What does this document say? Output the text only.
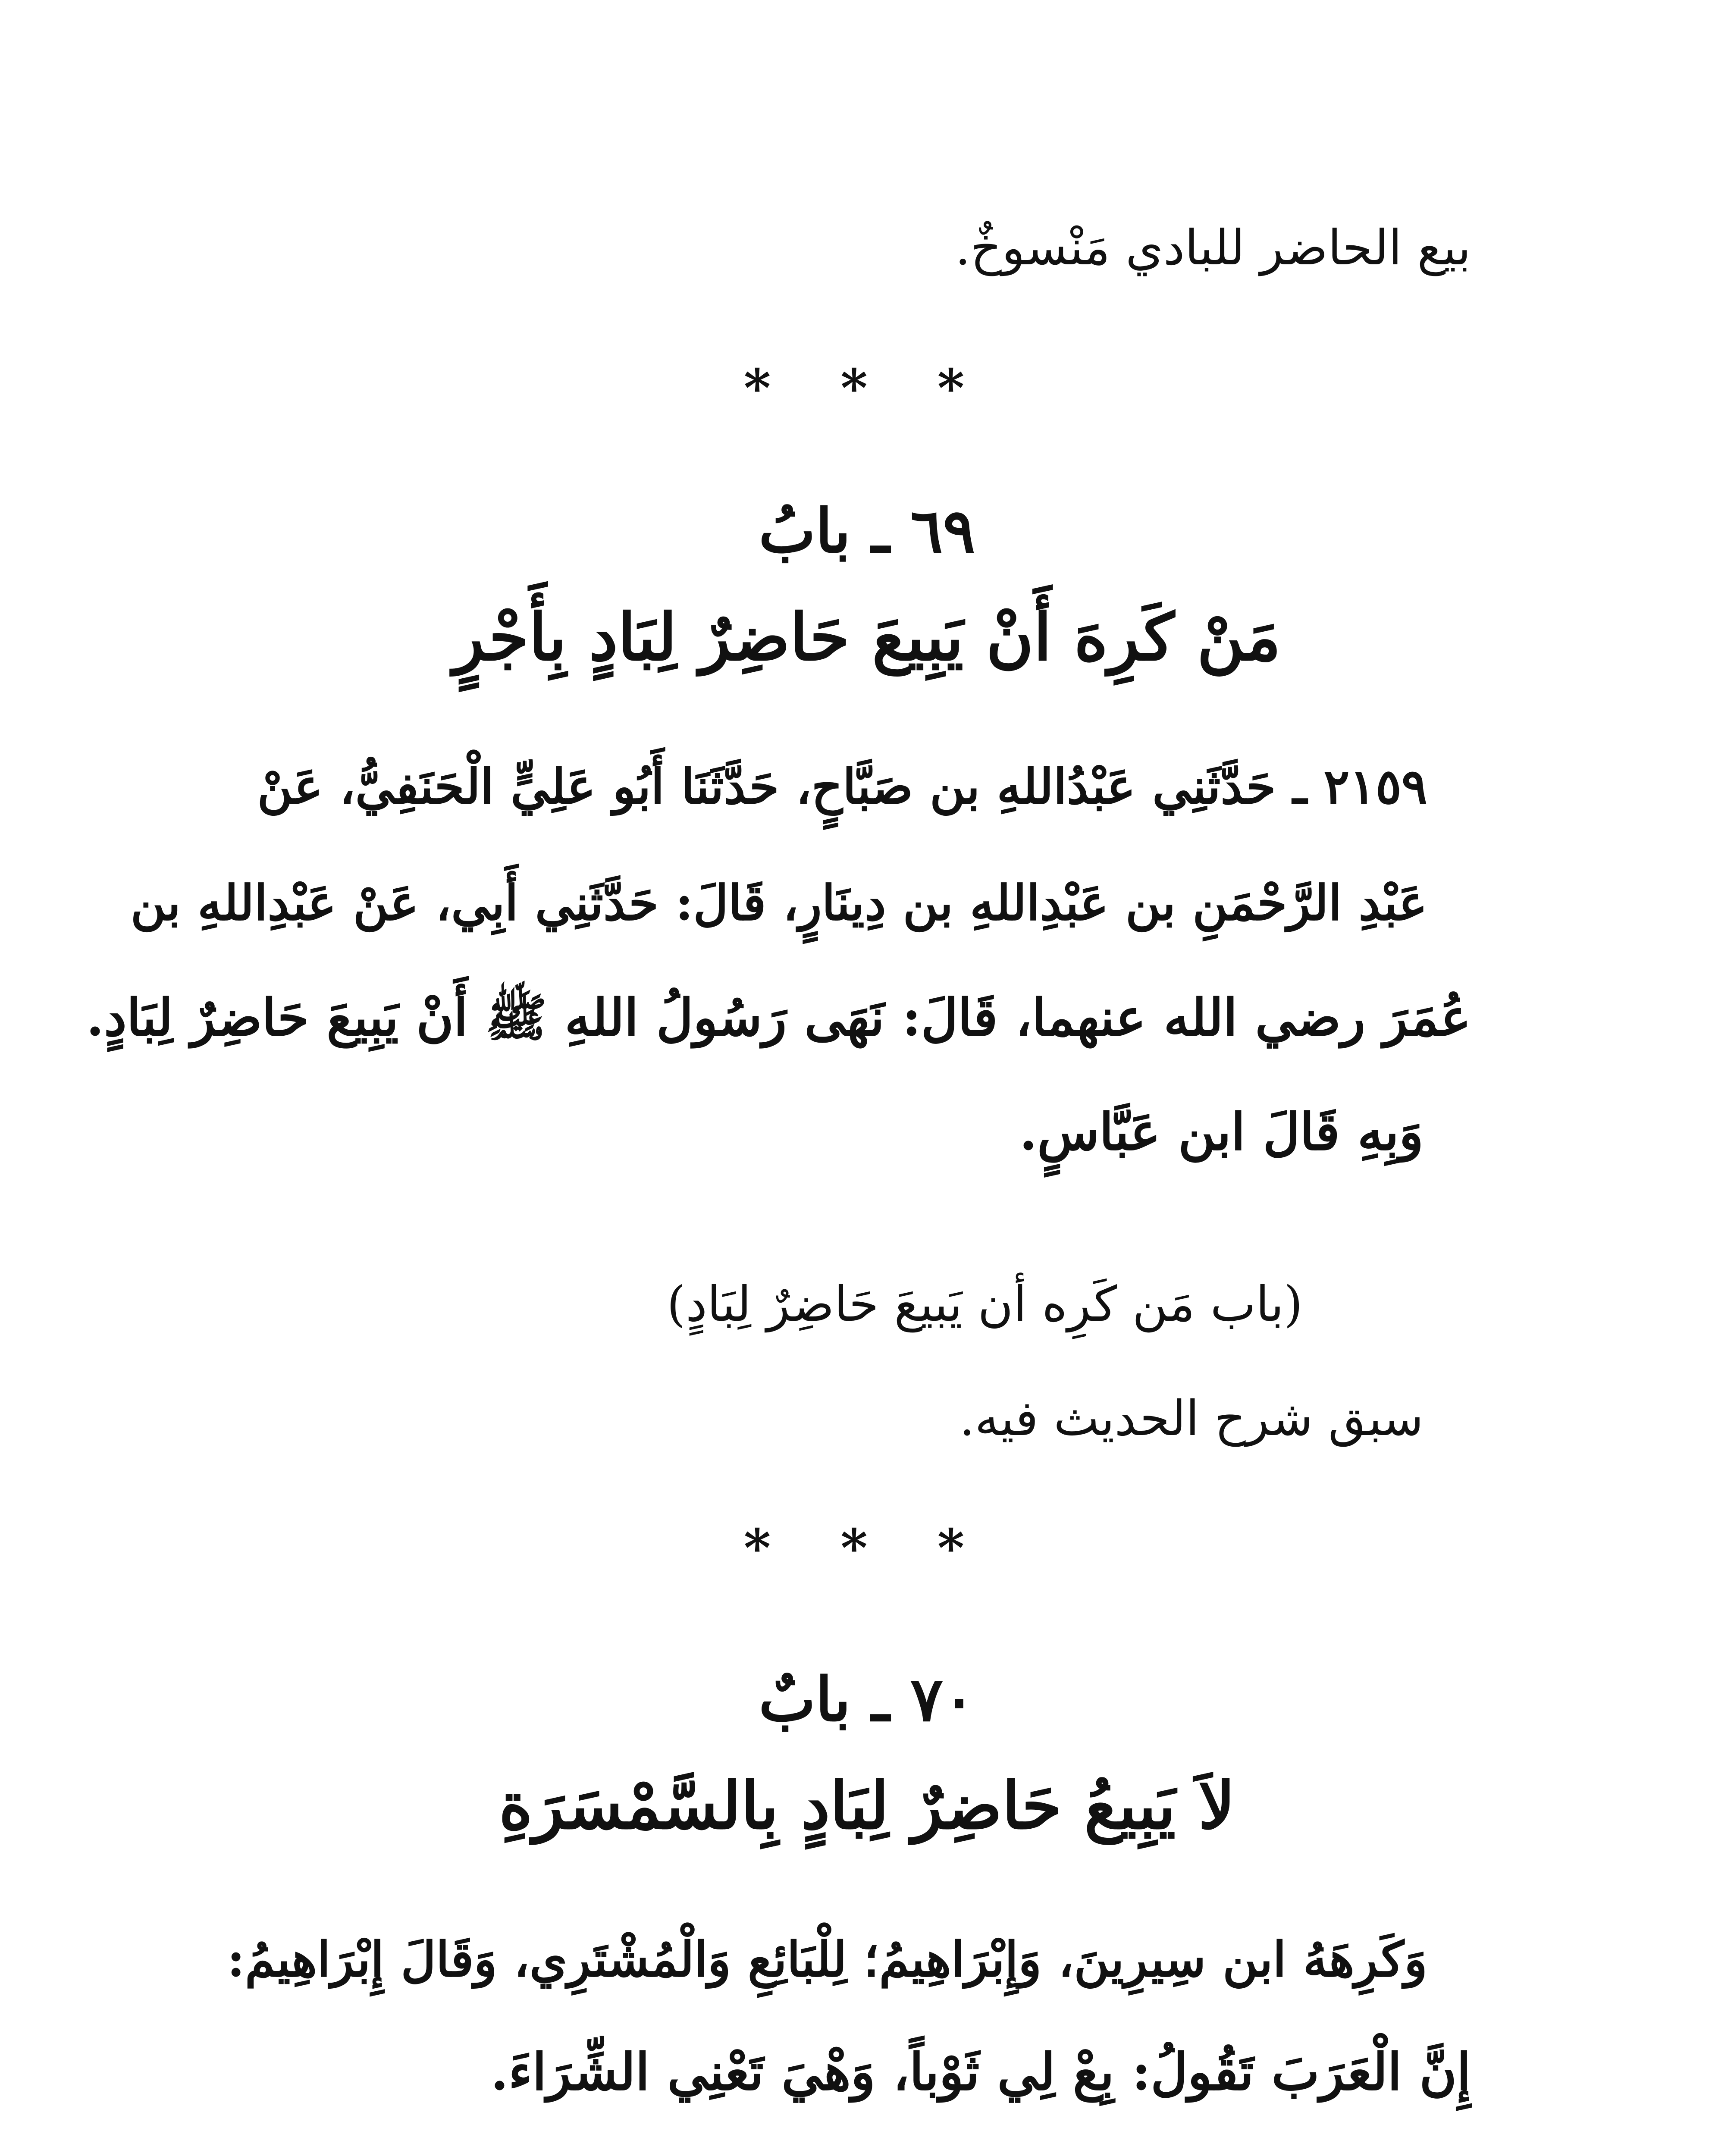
بيع الحاضر للبادي مَنْسوخٌ.
* * *
٦٩ ـ بابُ
مَنْ كَرِهَ أَنْ يَبِيعَ حَاضِرٌ لِبَادٍ بِأَجْرٍ
٢١٥٩ ـ حَدَّثَنِي عَبْدُاللهِ بن صَبَّاحٍ، حَدَّثَنَا أَبُو عَلِيٍّ الْحَنَفِيُّ، عَنْ
عَبْدِ الرَّحْمَنِ بن عَبْدِاللهِ بن دِينَارٍ، قَالَ: حَدَّثَنِي أَبِي، عَنْ عَبْدِاللهِ بن
عُمَرَ رضي الله عنهما، قَالَ: نَهَى رَسُولُ اللهِ ﷺ أَنْ يَبِيعَ حَاضِرٌ لِبَادٍ.
وَبِهِ قَالَ ابن عَبَّاسٍ.
(باب مَن كَرِه أن يَبيعَ حَاضِرٌ لِبَادٍ)
سبق شرح الحديث فيه.
* * *
٧٠ ـ بابٌ
لاَ يَبِيعُ حَاضِرٌ لِبَادٍ بِالسَّمْسَرَةِ
وَكَرِهَهُ ابن سِيرِينَ، وَإِبْرَاهِيمُ؛ لِلْبَائِعِ وَالْمُشْتَرِي، وَقَالَ إِبْرَاهِيمُ:
إِنَّ الْعَرَبَ تَقُولُ: بِعْ لِي ثَوْباً، وَهْيَ تَعْنِي الشِّرَاءَ.
